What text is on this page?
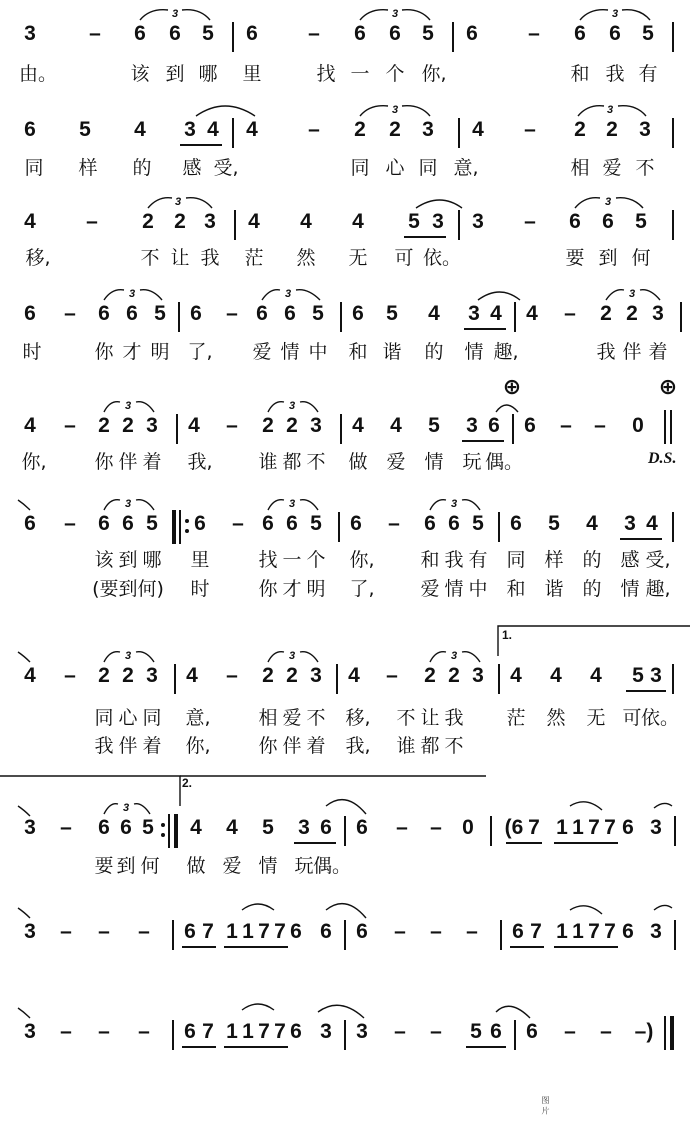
3	3	3
3	– 6 6 5 6 – 6 6 5 6 – 6 6 5
由。	该 到 哪 里	找 一 个 你,	和 我 有
3	3
6 5 4 3 4 4 – 2 2 3 4 – 2 2 3
同 样 的 感 受,	同 心 同 意,	相 爱 不
3	3
4 – 2 2 3 4 4 4 5 3 3 – 6 6 5
移,	不 让 我 茫 然 无 可 依。	要 到 何
3	3	3
6 – 6 6 5 6 – 6 6 5 6 5 4 3 4 4 – 2 2 3
时	你 才 明 了, 爱 情 中 和 谐 的 情 趣,	我 伴 着
3	3
⊕	⊕
4 – 2 2 3 4 – 2 2 3 4 4 5 3 6 6 – – 0
你,	你 伴 着 我, 谁 都 不 做 爱 情 玩 偶。	D.S.
3	3	3
6 – 6 6 5 6 – 6 6 5 6 – 6 6 5 6 5 4 3 4
该 到 哪 里	找 一 个 你, 和 我 有 同 样 的 感 受,
(要到何) 时	你 才 明 了, 爱 情 中 和 谐 的 情 趣,
3	3	3
1.
4 – 2 2 3 4 – 2 2 3 4 – 2 2 3 4 4 4 5 3
同 心 同 意,	相 爱 不 移, 不 让 我 茫 然 无 可 依。
我 伴 着 你,	你 伴 着 我, 谁 都 不
3
2.
3 – 6 6 5 4 4 5 3 6 6 – – 0 (6 7 1 1 7 7 6 3
要 到 何 做 爱 情 玩 偶。
3 – – – 6 7 1 1 7 7 6 6 6 – – – 6 7 1 1 7 7 6 3
3 – – – 6 7 1 1 7 7 6 3 3 – – 5 6 6 – – –)
图 片
